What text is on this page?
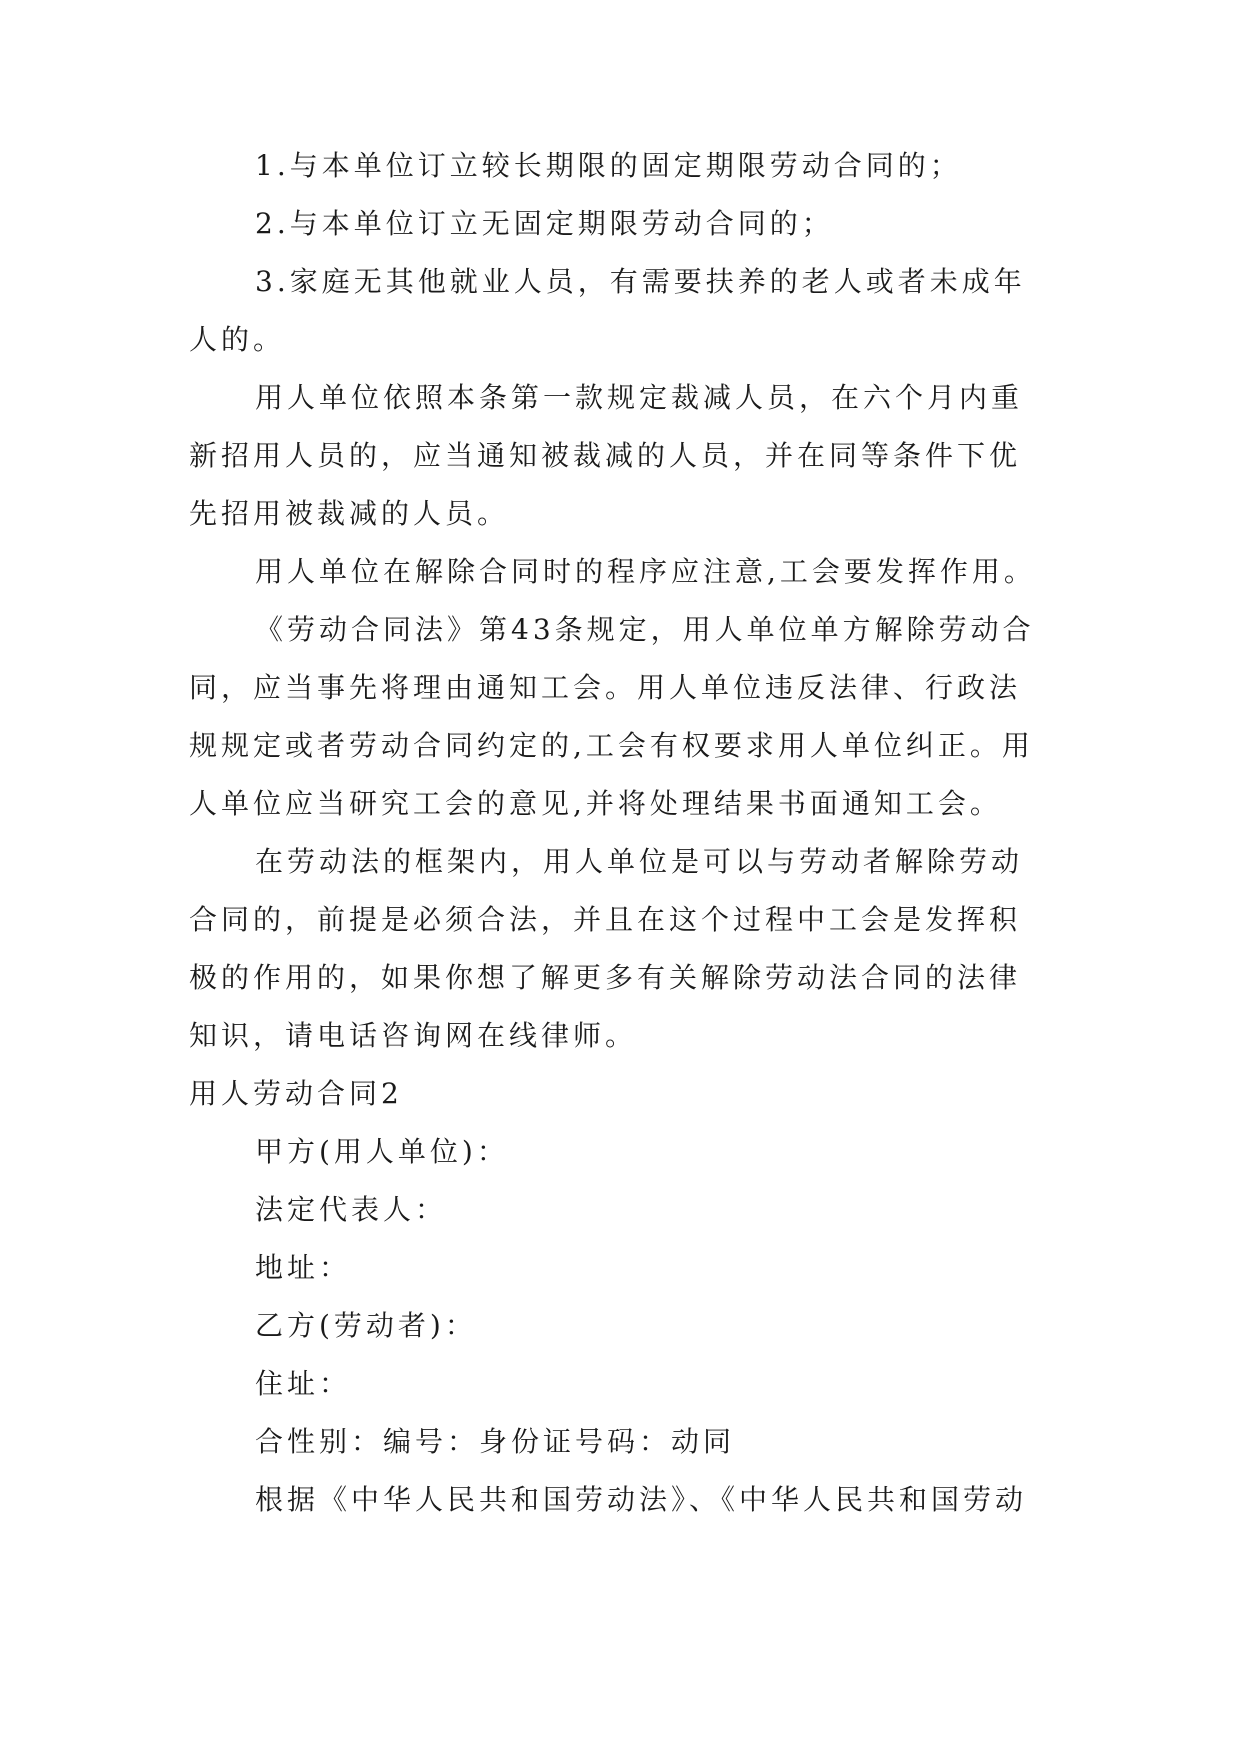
1.与本单位订立较长期限的固定期限劳动合同的；

2.与本单位订立无固定期限劳动合同的；

3.家庭无其他就业人员，有需要扶养的老人或者未成年人的。

用人单位依照本条第一款规定裁减人员，在六个月内重新招用人员的，应当通知被裁减的人员，并在同等条件下优先招用被裁减的人员。

用人单位在解除合同时的程序应注意,工会要发挥作用。

《劳动合同法》第43条规定，用人单位单方解除劳动合同，应当事先将理由通知工会。用人单位违反法律、行政法规规定或者劳动合同约定的,工会有权要求用人单位纠正。用人单位应当研究工会的意见,并将处理结果书面通知工会。

在劳动法的框架内，用人单位是可以与劳动者解除劳动合同的，前提是必须合法，并且在这个过程中工会是发挥积极的作用的，如果你想了解更多有关解除劳动法合同的法律知识，请电话咨询网在线律师。

用人劳动合同2

甲方(用人单位)：

法定代表人：

地址：

乙方(劳动者)：

住址：

合性别：编号：身份证号码：动同

根据《中华人民共和国劳动法》、《中华人民共和国劳动
